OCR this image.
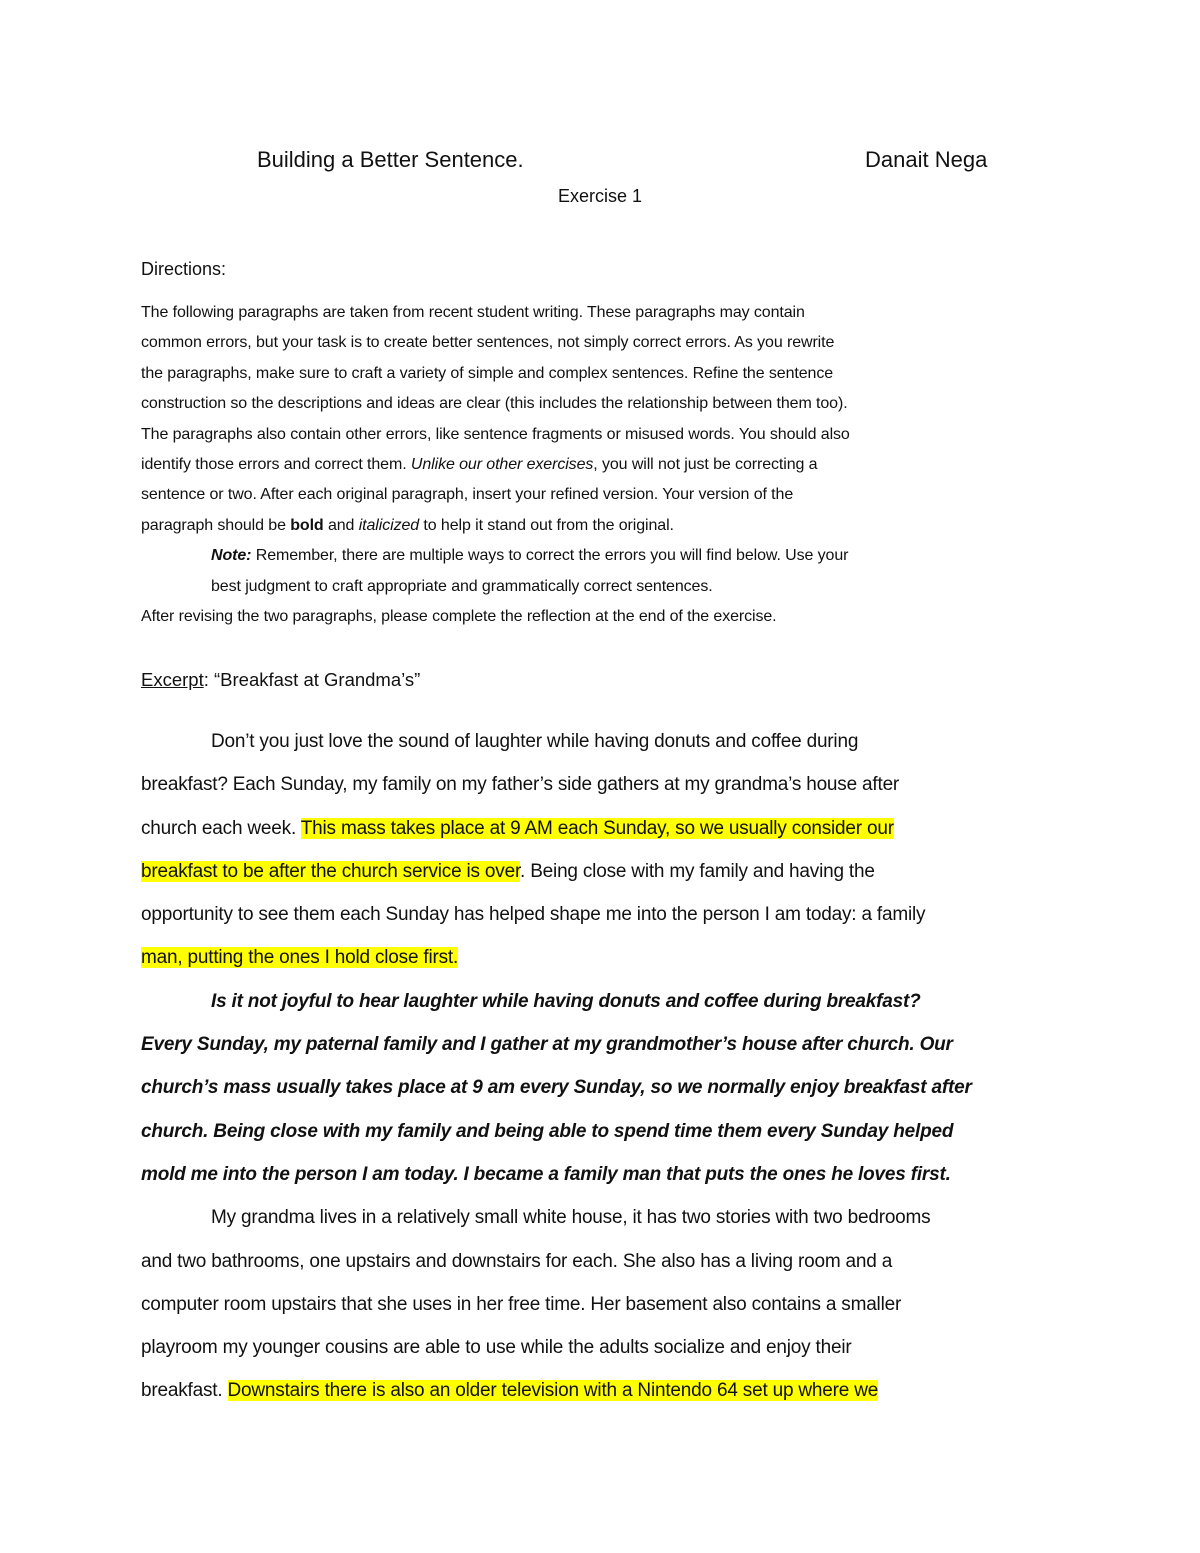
Building a Better Sentence.	Danait Nega
Exercise 1
Directions:
The following paragraphs are taken from recent student writing. These paragraphs may contain
common errors, but your task is to create better sentences, not simply correct errors. As you rewrite
the paragraphs, make sure to craft a variety of simple and complex sentences. Refine the sentence
construction so the descriptions and ideas are clear (this includes the relationship between them too).
The paragraphs also contain other errors, like sentence fragments or misused words. You should also
identify those errors and correct them. Unlike our other exercises, you will not just be correcting a
sentence or two. After each original paragraph, insert your refined version. Your version of the
paragraph should be bold and italicized to help it stand out from the original.
Note: Remember, there are multiple ways to correct the errors you will find below. Use your
best judgment to craft appropriate and grammatically correct sentences.
After revising the two paragraphs, please complete the reflection at the end of the exercise.
Excerpt: “Breakfast at Grandma’s”
Don’t you just love the sound of laughter while having donuts and coffee during
breakfast? Each Sunday, my family on my father’s side gathers at my grandma’s house after
church each week. This mass takes place at 9 AM each Sunday, so we usually consider our
breakfast to be after the church service is over. Being close with my family and having the
opportunity to see them each Sunday has helped shape me into the person I am today: a family
man, putting the ones I hold close first.
Is it not joyful to hear laughter while having donuts and coffee during breakfast?
Every Sunday, my paternal family and I gather at my grandmother’s house after church. Our
church’s mass usually takes place at 9 am every Sunday, so we normally enjoy breakfast after
church. Being close with my family and being able to spend time them every Sunday helped
mold me into the person I am today. I became a family man that puts the ones he loves first.
My grandma lives in a relatively small white house, it has two stories with two bedrooms
and two bathrooms, one upstairs and downstairs for each. She also has a living room and a
computer room upstairs that she uses in her free time. Her basement also contains a smaller
playroom my younger cousins are able to use while the adults socialize and enjoy their
breakfast. Downstairs there is also an older television with a Nintendo 64 set up where we
